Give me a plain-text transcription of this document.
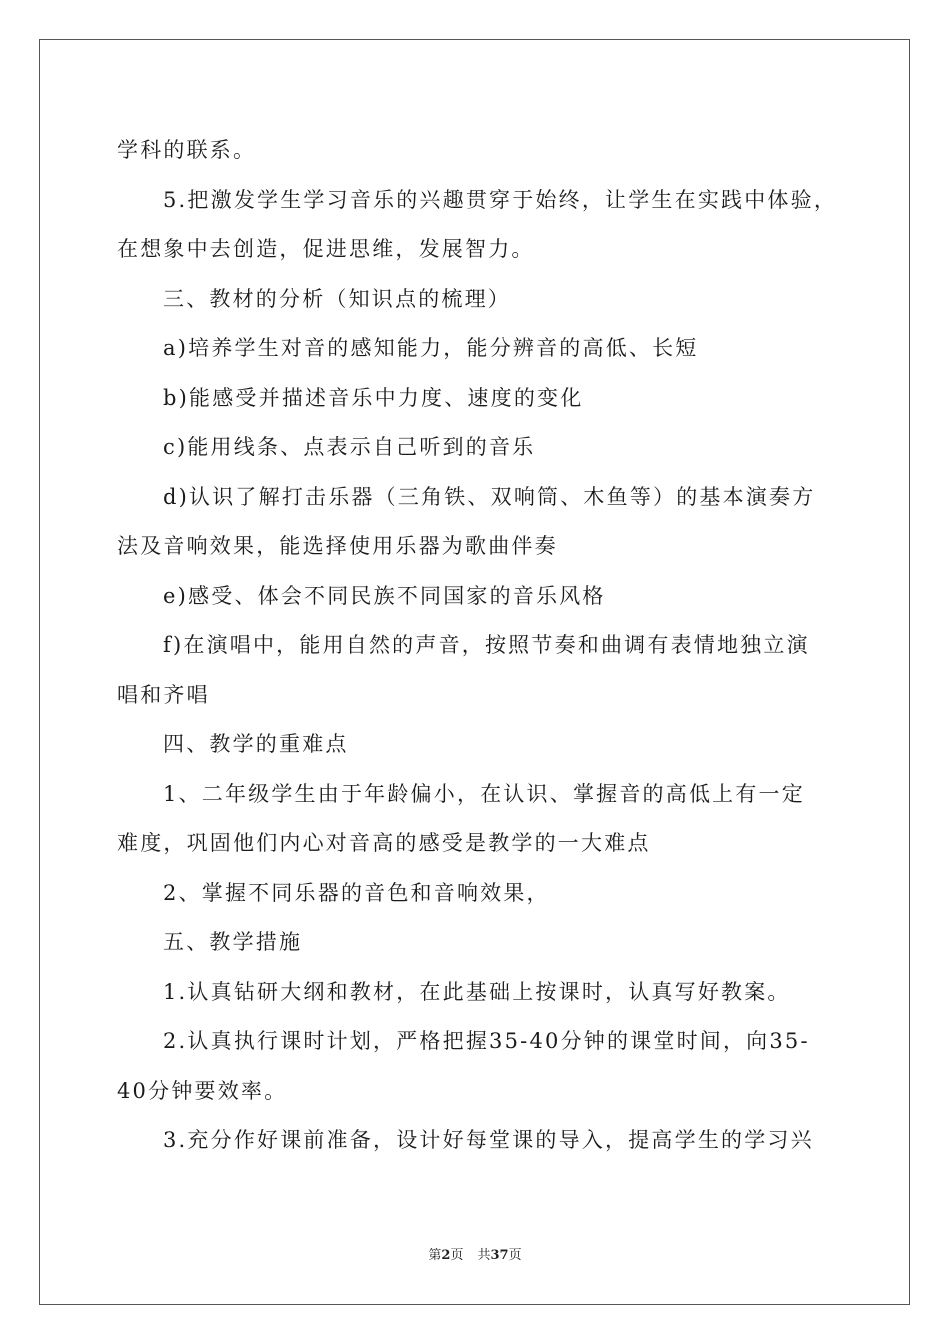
学科的联系。
5.把激发学生学习音乐的兴趣贯穿于始终，让学生在实践中体验，
在想象中去创造，促进思维，发展智力。
三、教材的分析（知识点的梳理）
a)培养学生对音的感知能力，能分辨音的高低、长短
b)能感受并描述音乐中力度、速度的变化
c)能用线条、点表示自己听到的音乐
d)认识了解打击乐器（三角铁、双响筒、木鱼等）的基本演奏方
法及音响效果，能选择使用乐器为歌曲伴奏
e)感受、体会不同民族不同国家的音乐风格
f)在演唱中，能用自然的声音，按照节奏和曲调有表情地独立演
唱和齐唱
四、教学的重难点
1、二年级学生由于年龄偏小，在认识、掌握音的高低上有一定
难度，巩固他们内心对音高的感受是教学的一大难点
2、掌握不同乐器的音色和音响效果，
五、教学措施
1.认真钻研大纲和教材，在此基础上按课时，认真写好教案。
2.认真执行课时计划，严格把握35-40分钟的课堂时间，向35-
40分钟要效率。
3.充分作好课前准备，设计好每堂课的导入，提高学生的学习兴
第2页 共37页
